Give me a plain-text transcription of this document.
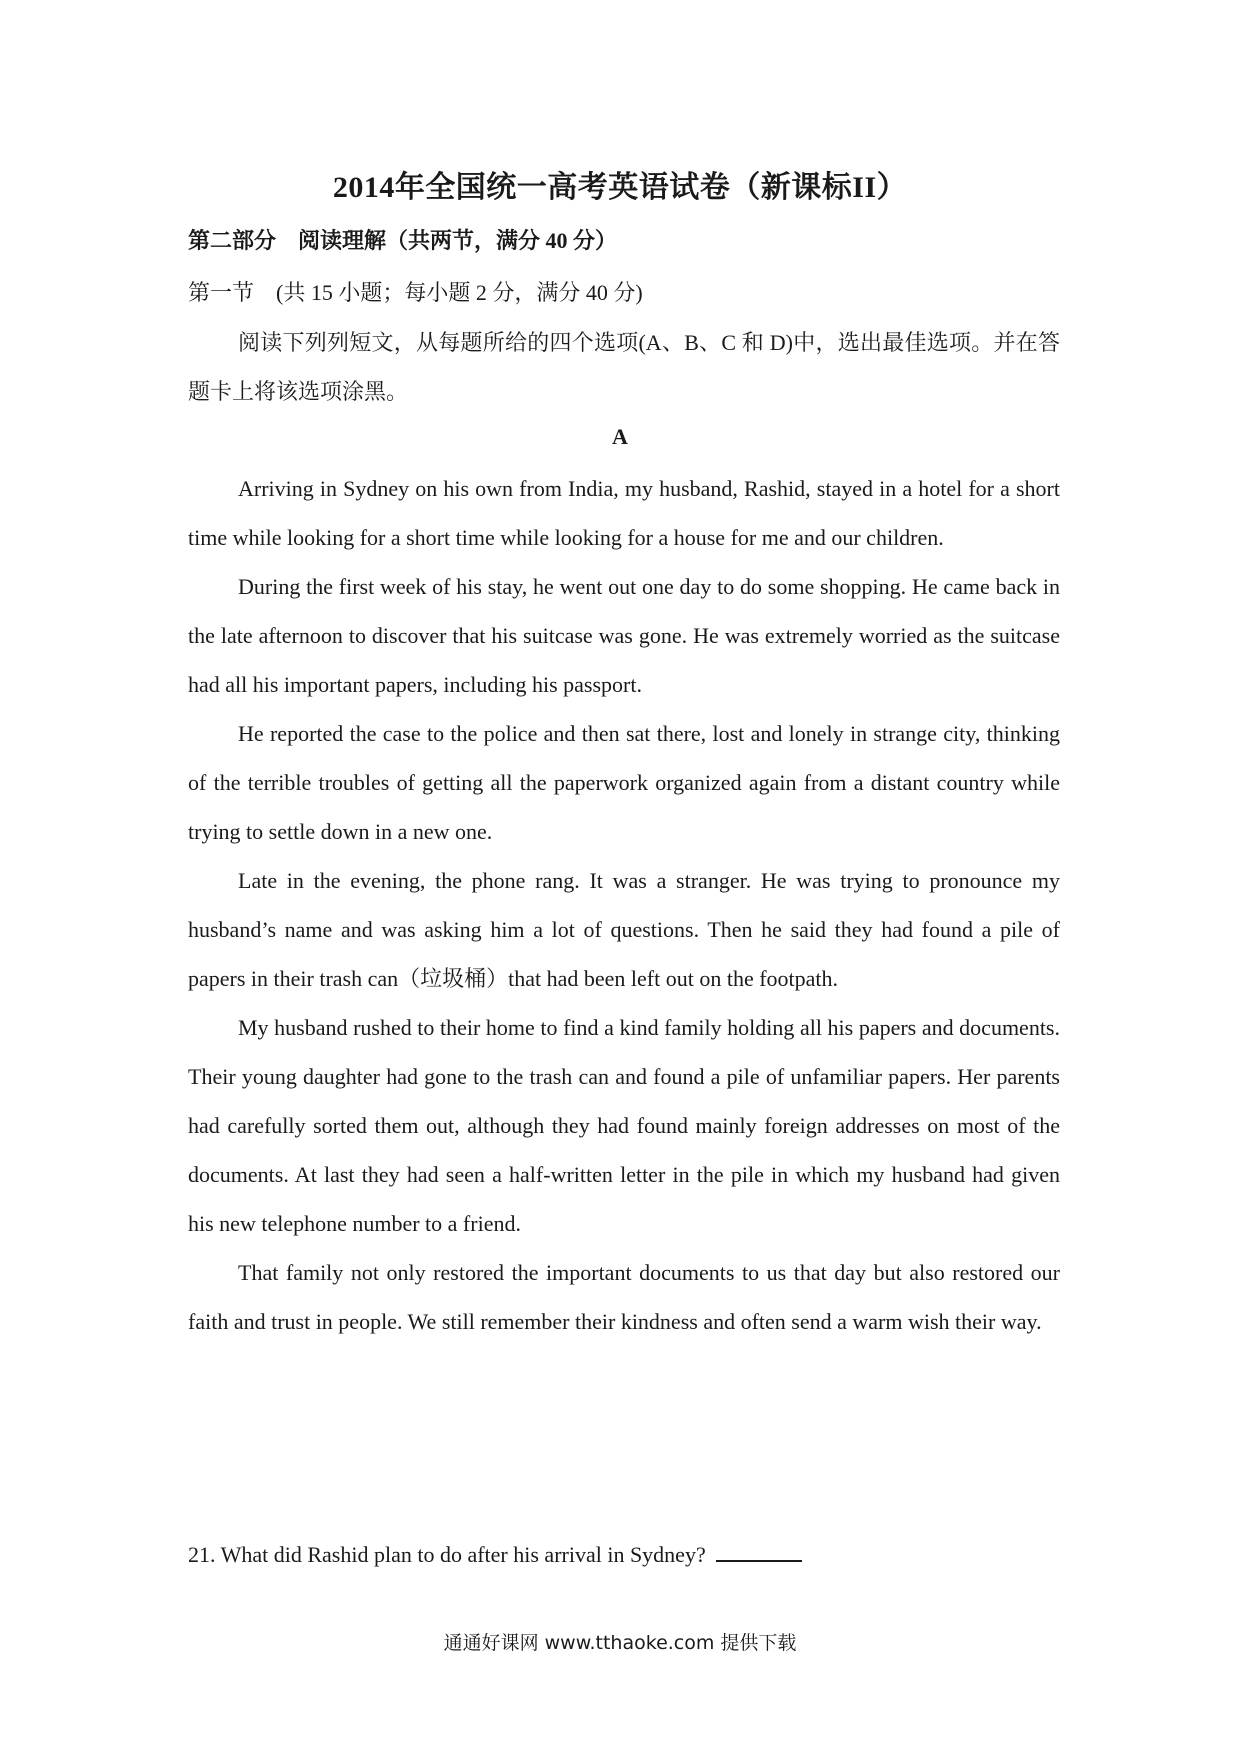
2014年全国统一高考英语试卷（新课标II）
第二部分　阅读理解（共两节，满分 40 分）
第一节　(共 15 小题；每小题 2 分，满分 40 分)
阅读下列列短文，从每题所给的四个选项(A、B、C 和 D)中，选出最佳选项。并在答题卡上将该选项涂黑。
A

Arriving in Sydney on his own from India, my husband, Rashid, stayed in a hotel for a short time while looking for a short time while looking for a house for me and our children.

During the first week of his stay, he went out one day to do some shopping. He came back in the late afternoon to discover that his suitcase was gone. He was extremely worried as the suitcase had all his important papers, including his passport.

He reported the case to the police and then sat there, lost and lonely in strange city, thinking of the terrible troubles of getting all the paperwork organized again from a distant country while trying to settle down in a new one.

Late in the evening, the phone rang. It was a stranger. He was trying to pronounce my husband’s name and was asking him a lot of questions. Then he said they had found a pile of papers in their trash can（垃圾桶）that had been left out on the footpath.

My husband rushed to their home to find a kind family holding all his papers and documents. Their young daughter had gone to the trash can and found a pile of unfamiliar papers. Her parents had carefully sorted them out, although they had found mainly foreign addresses on most of the documents. At last they had seen a half-written letter in the pile in which my husband had given his new telephone number to a friend.

That family not only restored the important documents to us that day but also restored our faith and trust in people. We still remember their kindness and often send a warm wish their way.

21. What did Rashid plan to do after his arrival in Sydney?
通通好课网 www.tthaoke.com 提供下载
